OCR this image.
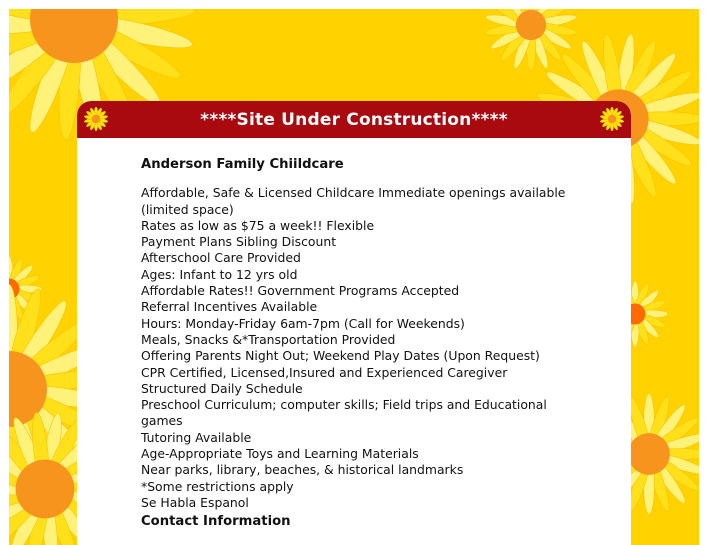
****Site Under Construction****
Anderson Family Chiildcare
Affordable, Safe & Licensed Childcare Immediate openings available (limited space)
Rates as low as $75 a week!! Flexible
Payment Plans Sibling Discount
Afterschool Care Provided
Ages: Infant to 12 yrs old
Affordable Rates!! Government Programs Accepted
Referral Incentives Available
Hours: Monday-Friday 6am-7pm (Call for Weekends)
Meals, Snacks &*Transportation Provided
Offering Parents Night Out; Weekend Play Dates (Upon Request)
CPR Certified, Licensed,Insured and Experienced Caregiver
Structured Daily Schedule
Preschool Curriculum; computer skills; Field trips and Educational games
Tutoring Available
Age-Appropriate Toys and Learning Materials
Near parks, library, beaches, & historical landmarks
*Some restrictions apply
Se Habla Espanol
Contact Information
